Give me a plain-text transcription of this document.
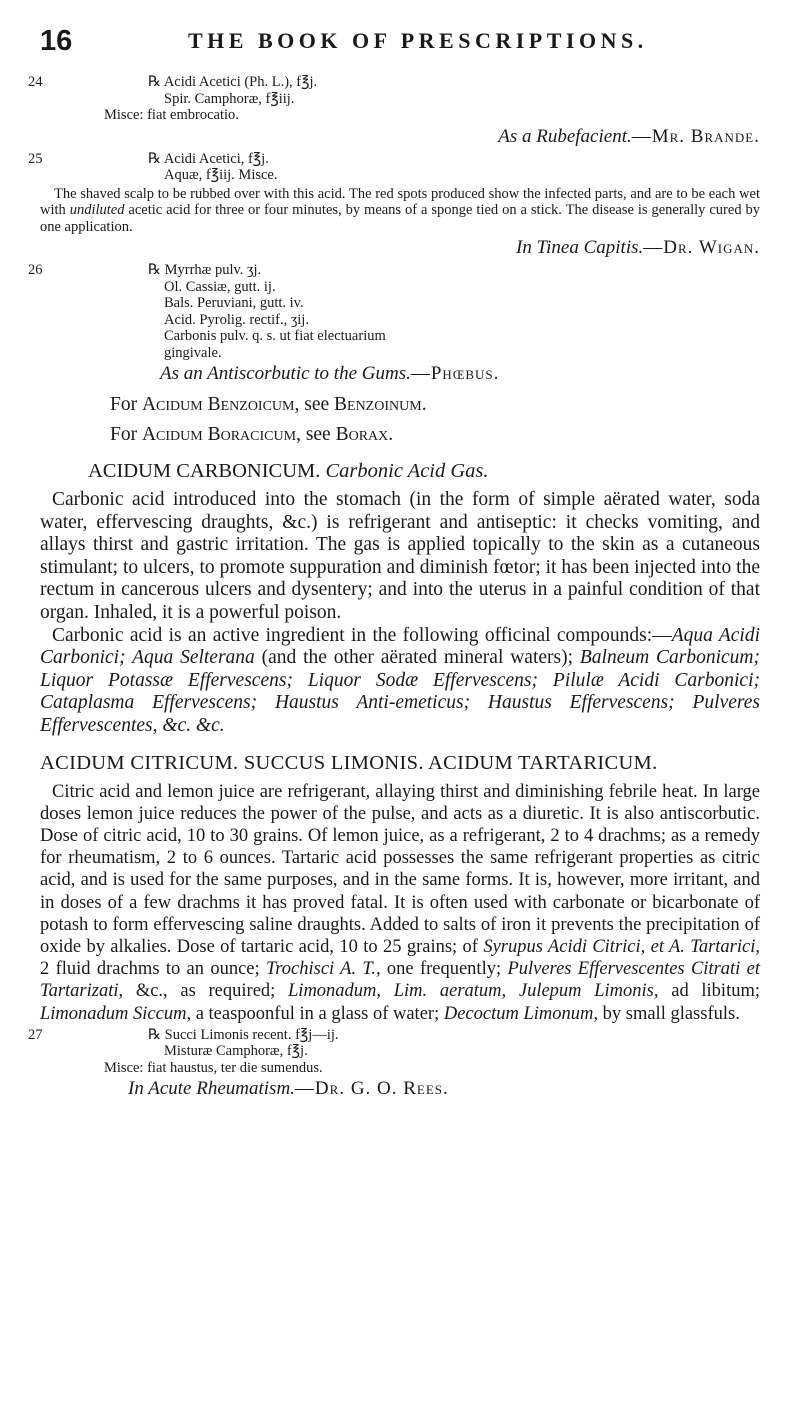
16	THE BOOK OF PRESCRIPTIONS.
24	℞ Acidi Acetici (Ph. L.), f℥j.
Spir. Camphoræ, f℥iij.
Misce: fiat embrocatio.
As a Rubefacient.—Mr. Brande.
25	℞ Acidi Acetici, f℥j.
Aquæ, f℥iij. Misce.

The shaved scalp to be rubbed over with this acid. The red spots produced show the infected parts, and are to be each wet with undiluted acetic acid for three or four minutes, by means of a sponge tied on a stick. The disease is generally cured by one application.

In Tinea Capitis.—Dr. Wigan.
26	℞ Myrrhæ pulv. ʒj.
Ol. Cassiæ, gutt. ij.
Bals. Peruviani, gutt. iv.
Acid. Pyrolig. rectif., ʒij.
Carbonis pulv. q. s. ut fiat electuarium gingivale.
As an Antiscorbutic to the Gums.—Phœbus.
For Acidum Benzoicum, see Benzoinum.
For Acidum Boracicum, see Borax.
ACIDUM CARBONICUM. Carbonic Acid Gas.

Carbonic acid introduced into the stomach (in the form of simple aërated water, soda water, effervescing draughts, &c.) is refrigerant and antiseptic: it checks vomiting, and allays thirst and gastric irritation. The gas is applied topically to the skin as a cutaneous stimulant; to ulcers, to promote suppuration and diminish fœtor; it has been injected into the rectum in cancerous ulcers and dysentery; and into the uterus in a painful condition of that organ. Inhaled, it is a powerful poison.

Carbonic acid is an active ingredient in the following officinal compounds:—Aqua Acidi Carbonici; Aqua Selterana (and the other aërated mineral waters); Balneum Carbonicum; Liquor Potassæ Effervescens; Liquor Sodæ Effervescens; Pilulæ Acidi Carbonici; Cataplasma Effervescens; Haustus Anti-emeticus; Haustus Effervescens; Pulveres Effervescentes, &c. &c.

ACIDUM CITRICUM. SUCCUS LIMONIS. ACIDUM TARTARICUM.

Citric acid and lemon juice are refrigerant, allaying thirst and diminishing febrile heat. In large doses lemon juice reduces the power of the pulse, and acts as a diuretic. It is also antiscorbutic. Dose of citric acid, 10 to 30 grains. Of lemon juice, as a refrigerant, 2 to 4 drachms; as a remedy for rheumatism, 2 to 6 ounces. Tartaric acid possesses the same refrigerant properties as citric acid, and is used for the same purposes, and in the same forms. It is, however, more irritant, and in doses of a few drachms it has proved fatal. It is often used with carbonate or bicarbonate of potash to form effervescing saline draughts. Added to salts of iron it prevents the precipitation of oxide by alkalies. Dose of tartaric acid, 10 to 25 grains; of Syrupus Acidi Citrici, et A. Tartarici, 2 fluid drachms to an ounce; Trochisci A. T., one frequently; Pulveres Effervescentes Citrati et Tartarizati, &c., as required; Limonadum, Lim. aeratum, Julepum Limonis, ad libitum; Limonadum Siccum, a teaspoonful in a glass of water; Decoctum Limonum, by small glassfuls.

27	℞ Succi Limonis recent. f℥j—ij.
Misturæ Camphoræ, f℥j.
Misce: fiat haustus, ter die sumendus.
In Acute Rheumatism.—Dr. G. O. Rees.
